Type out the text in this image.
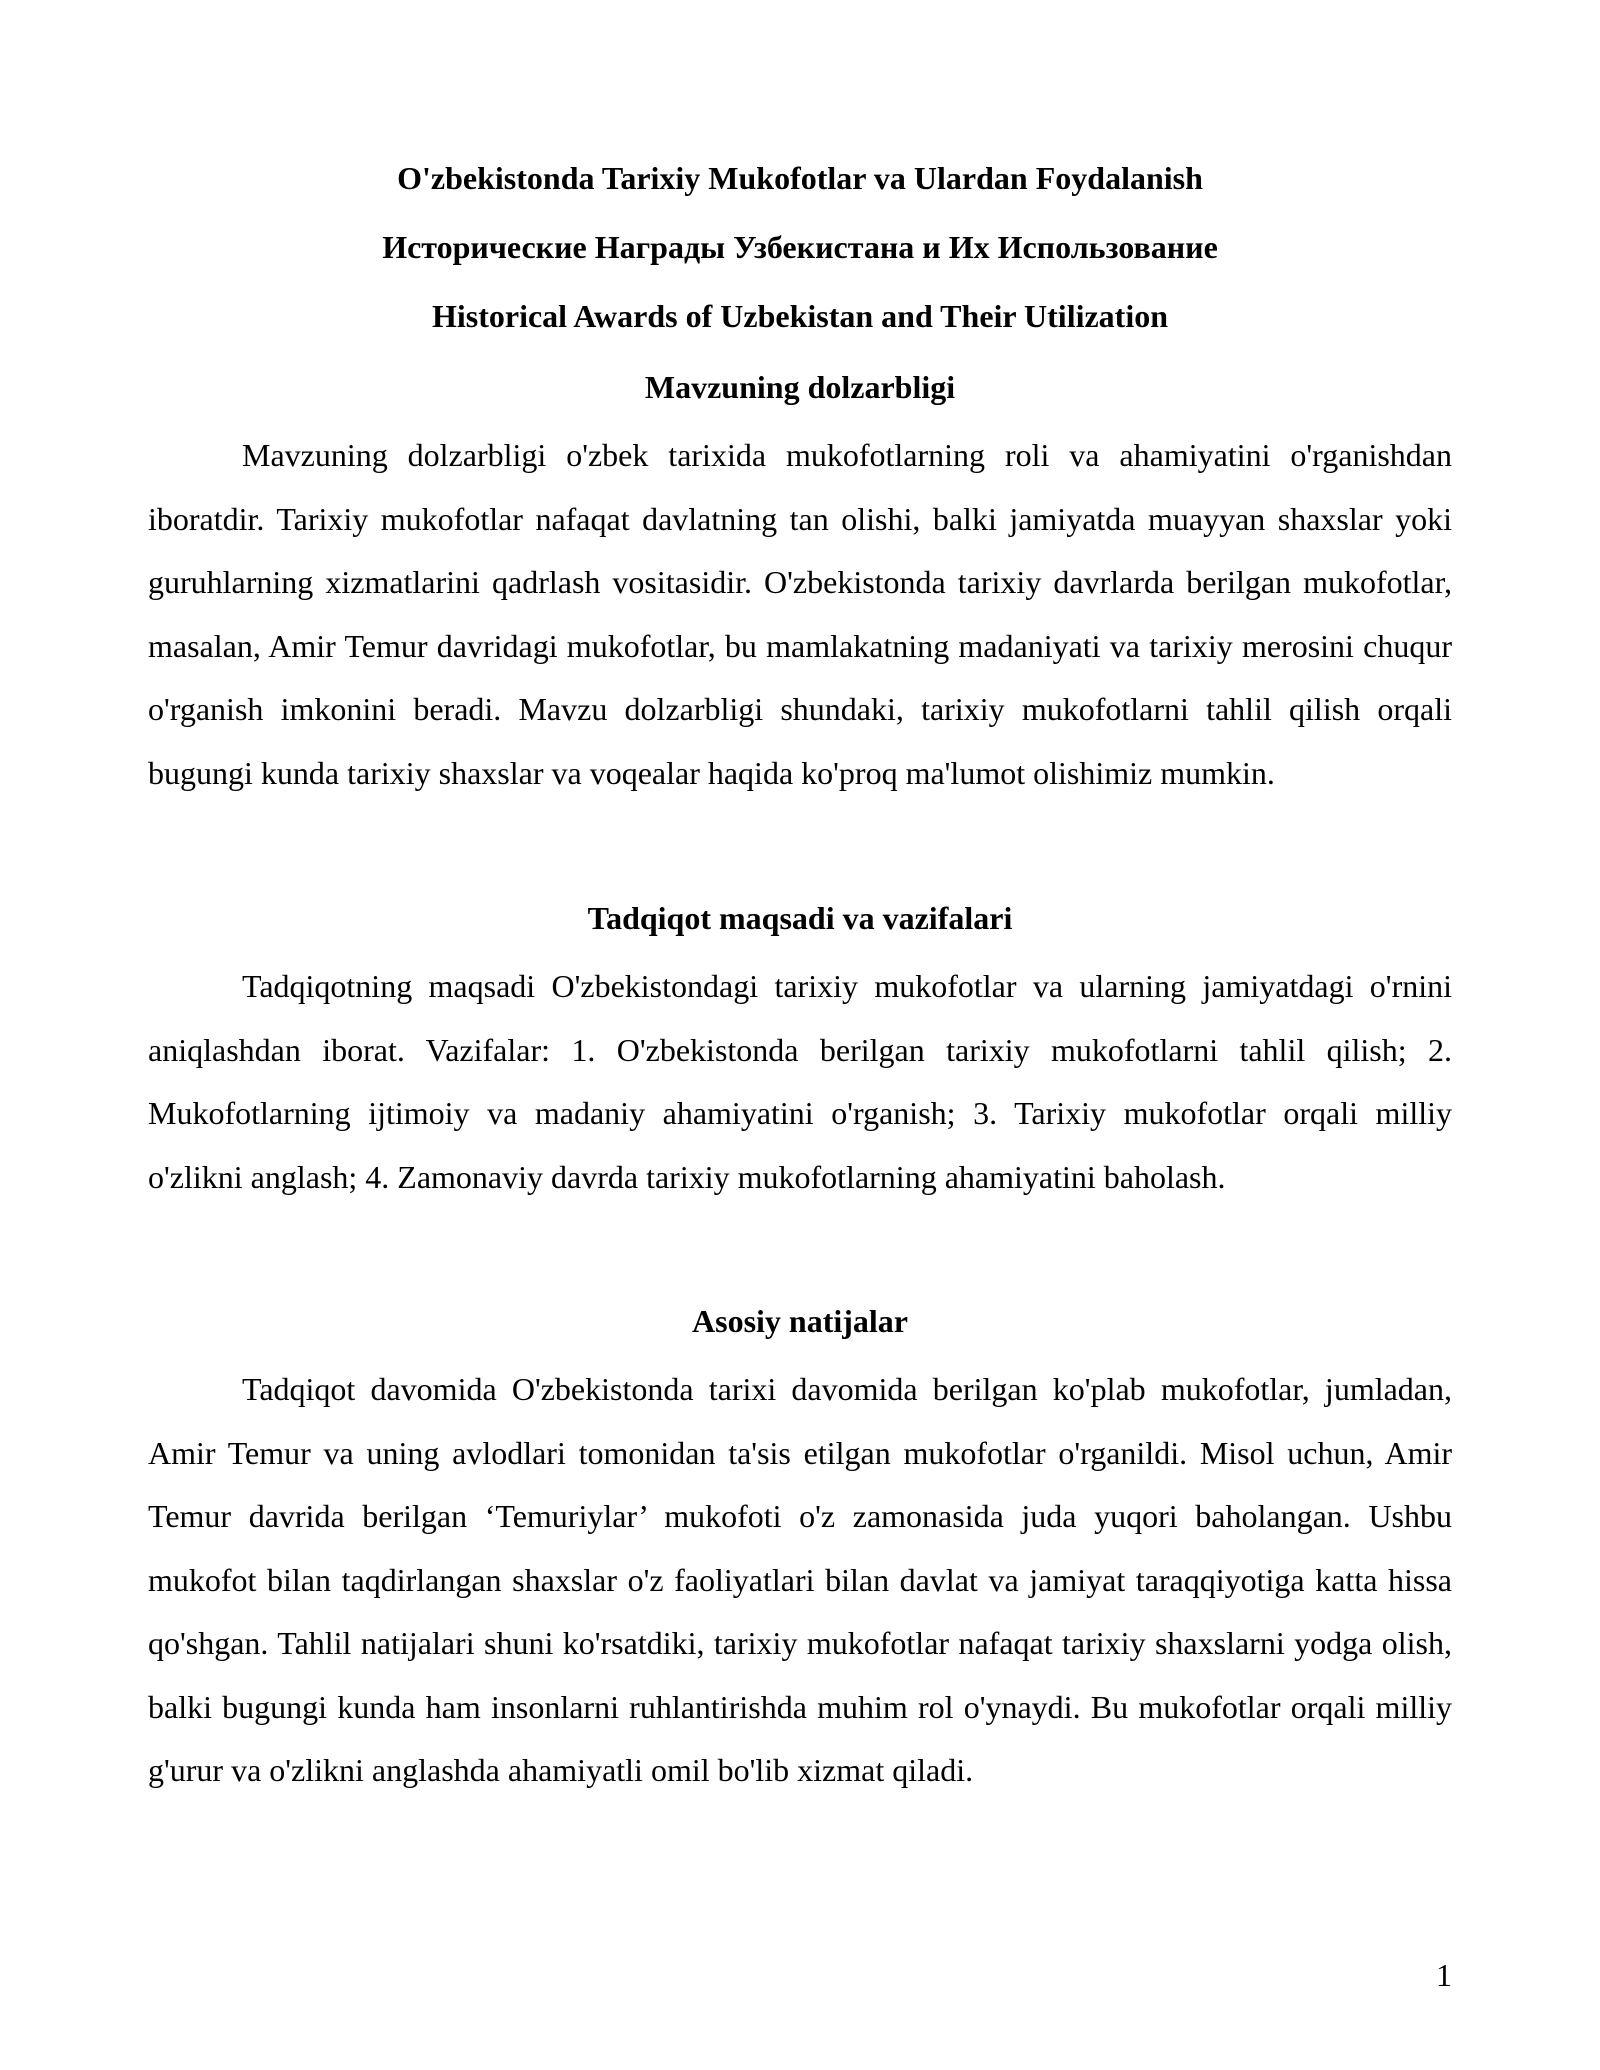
O'zbekistonda Tarixiy Mukofotlar va Ulardan Foydalanish
Исторические Награды Узбекистана и Их Использование
Historical Awards of Uzbekistan and Their Utilization
Mavzuning dolzarbligi

Mavzuning dolzarbligi o'zbek tarixida mukofotlarning roli va ahamiyatini o'rganishdan iboratdir. Tarixiy mukofotlar nafaqat davlatning tan olishi, balki jamiyatda muayyan shaxslar yoki guruhlarning xizmatlarini qadrlash vositasidir. O'zbekistonda tarixiy davrlarda berilgan mukofotlar, masalan, Amir Temur davridagi mukofotlar, bu mamlakatning madaniyati va tarixiy merosini chuqur o'rganish imkonini beradi. Mavzu dolzarbligi shundaki, tarixiy mukofotlarni tahlil qilish orqali bugungi kunda tarixiy shaxslar va voqealar haqida ko'proq ma'lumot olishimiz mumkin.

Tadqiqot maqsadi va vazifalari

Tadqiqotning maqsadi O'zbekistondagi tarixiy mukofotlar va ularning jamiyatdagi o'rnini aniqlashdan iborat. Vazifalar: 1. O'zbekistonda berilgan tarixiy mukofotlarni tahlil qilish; 2. Mukofotlarning ijtimoiy va madaniy ahamiyatini o'rganish; 3. Tarixiy mukofotlar orqali milliy o'zlikni anglash; 4. Zamonaviy davrda tarixiy mukofotlarning ahamiyatini baholash.

Asosiy natijalar

Tadqiqot davomida O'zbekistonda tarixi davomida berilgan ko'plab mukofotlar, jumladan, Amir Temur va uning avlodlari tomonidan ta'sis etilgan mukofotlar o'rganildi. Misol uchun, Amir Temur davrida berilgan ‘Temuriylar’ mukofoti o'z zamonasida juda yuqori baholangan. Ushbu mukofot bilan taqdirlangan shaxslar o'z faoliyatlari bilan davlat va jamiyat taraqqiyotiga katta hissa qo'shgan. Tahlil natijalari shuni ko'rsatdiki, tarixiy mukofotlar nafaqat tarixiy shaxslarni yodga olish, balki bugungi kunda ham insonlarni ruhlantirishda muhim rol o'ynaydi. Bu mukofotlar orqali milliy g'urur va o'zlikni anglashda ahamiyatli omil bo'lib xizmat qiladi.

1
